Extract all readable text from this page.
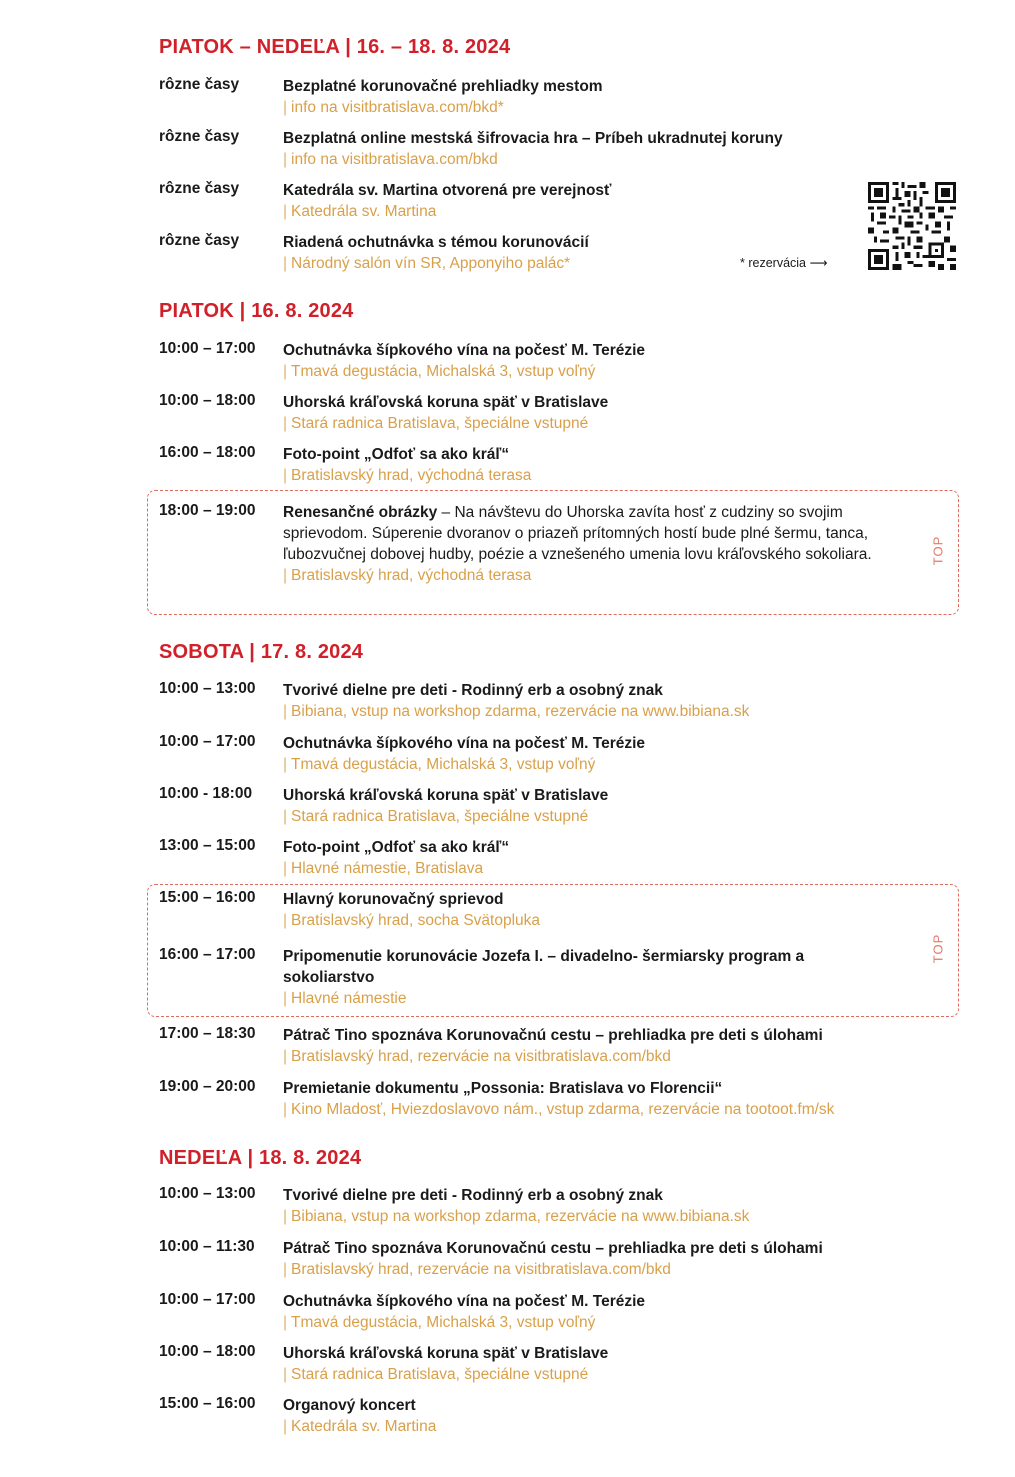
PIATOK – NEDEĽA | 16. – 18. 8. 2024
rôzne časy	Bezplatné korunovačné prehliadky mestom
| info na visitbratislava.com/bkd*
rôzne časy	Bezplatná online mestská šifrovacia hra – Príbeh ukradnutej koruny
| info na visitbratislava.com/bkd
rôzne časy	Katedrála sv. Martina otvorená pre verejnosť
| Katedrála sv. Martina
rôzne časy	Riadená ochutnávka s témou korunovácií
| Národný salón vín SR, Apponyiho palác*	* rezervácia ⟶
PIATOK | 16. 8. 2024
10:00 – 17:00 Ochutnávka šípkového vína na počesť M. Terézie
| Tmavá degustácia, Michalská 3, vstup voľný
10:00 – 18:00 Uhorská kráľovská koruna späť v Bratislave
| Stará radnica Bratislava, špeciálne vstupné
16:00 – 18:00 Foto-point „Odfoť sa ako kráľ“
| Bratislavský hrad, východná terasa
TOP
18:00 – 19:00 Renesančné obrázky – Na návštevu do Uhorska zavíta hosť z cudziny so svojim sprievodom. Súperenie dvoranov o priazeň prítomných hostí bude plné šermu, tanca, ľubozvučnej dobovej hudby, poézie a vznešeného umenia lovu kráľovského sokoliara.
| Bratislavský hrad, východná terasa
SOBOTA | 17. 8. 2024
10:00 – 13:00 Tvorivé dielne pre deti - Rodinný erb a osobný znak
| Bibiana, vstup na workshop zdarma, rezervácie na www.bibiana.sk
10:00 – 17:00 Ochutnávka šípkového vína na počesť M. Terézie
| Tmavá degustácia, Michalská 3, vstup voľný
10:00 - 18:00 Uhorská kráľovská koruna späť v Bratislave
| Stará radnica Bratislava, špeciálne vstupné
13:00 – 15:00 Foto-point „Odfoť sa ako kráľ“
| Hlavné námestie, Bratislava
TOP
15:00 – 16:00 Hlavný korunovačný sprievod
| Bratislavský hrad, socha Svätopluka
16:00 – 17:00 Pripomenutie korunovácie Jozefa I. – divadelno- šermiarsky program a sokoliarstvo
| Hlavné námestie
17:00 – 18:30 Pátrač Tino spoznáva Korunovačnú cestu – prehliadka pre deti s úlohami
| Bratislavský hrad, rezervácie na visitbratislava.com/bkd
19:00 – 20:00 Premietanie dokumentu „Possonia: Bratislava vo Florencii“
| Kino Mladosť, Hviezdoslavovo nám., vstup zdarma, rezervácie na tootoot.fm/sk
NEDEĽA | 18. 8. 2024
10:00 – 13:00 Tvorivé dielne pre deti - Rodinný erb a osobný znak
| Bibiana, vstup na workshop zdarma, rezervácie na www.bibiana.sk
10:00 – 11:30 Pátrač Tino spoznáva Korunovačnú cestu – prehliadka pre deti s úlohami
| Bratislavský hrad, rezervácie na visitbratislava.com/bkd
10:00 – 17:00 Ochutnávka šípkového vína na počesť M. Terézie
| Tmavá degustácia, Michalská 3, vstup voľný
10:00 – 18:00 Uhorská kráľovská koruna späť v Bratislave
| Stará radnica Bratislava, špeciálne vstupné
15:00 – 16:00 Organový koncert
| Katedrála sv. Martina
